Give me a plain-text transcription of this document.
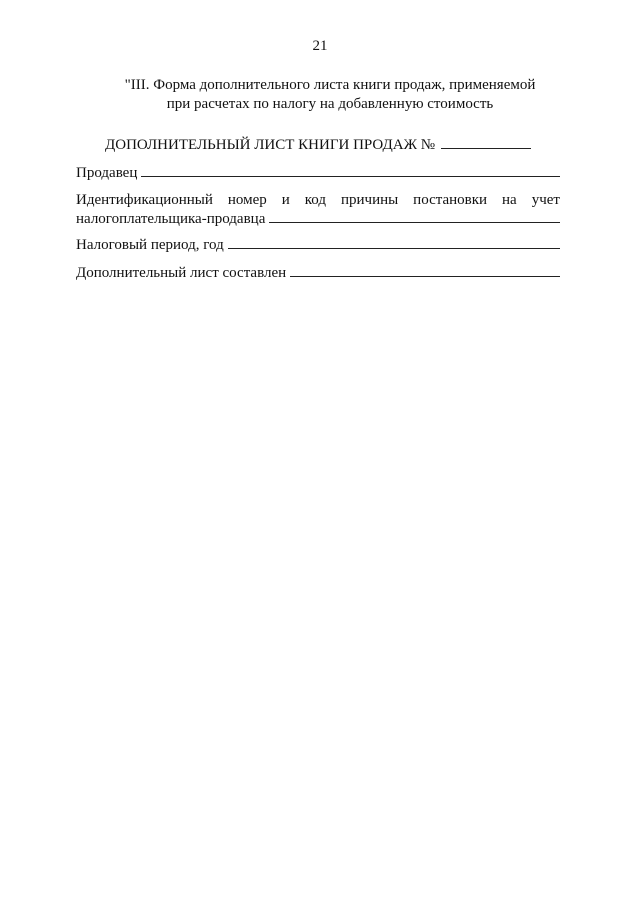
21
"III. Форма дополнительного листа книги продаж, применяемой
при расчетах по налогу на добавленную стоимость
ДОПОЛНИТЕЛЬНЫЙ ЛИСТ КНИГИ ПРОДАЖ №
Продавец
Идентификационный номер и код причины постановки на учет
налогоплательщика-продавца
Налоговый период, год
Дополнительный лист составлен
